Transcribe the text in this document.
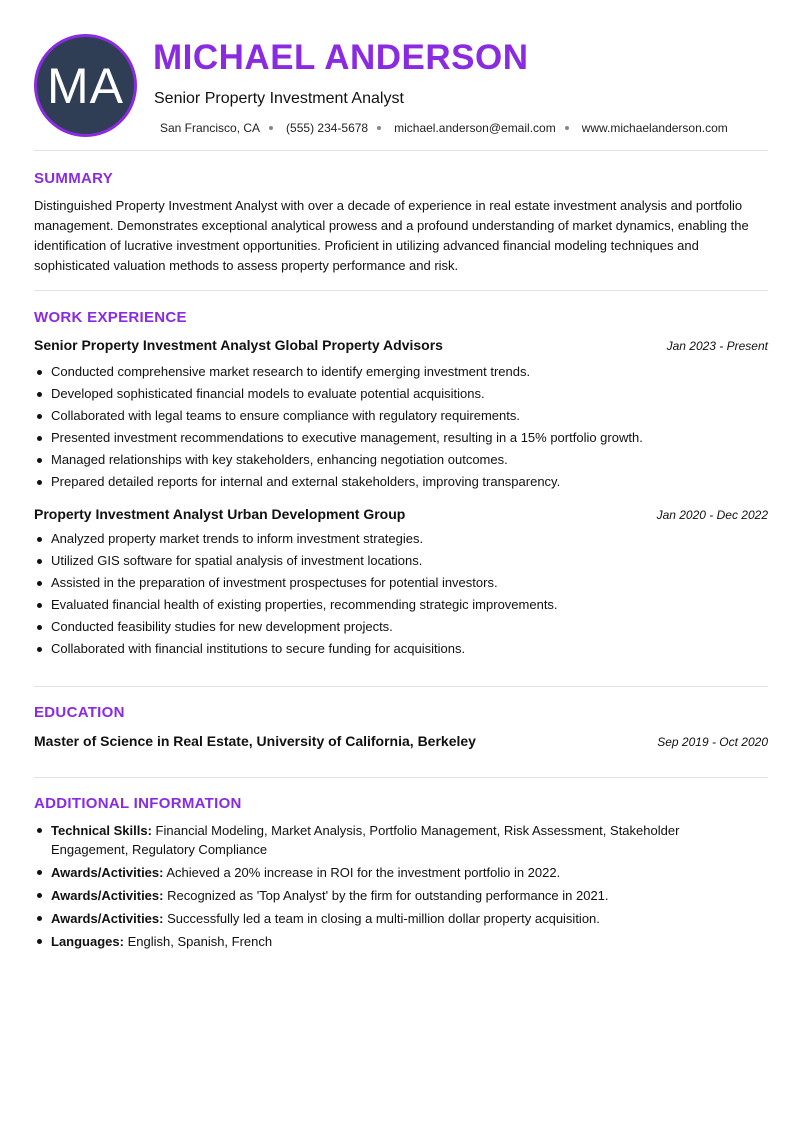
MA MICHAEL ANDERSON
Senior Property Investment Analyst
San Francisco, CA (555) 234-5678 michael.anderson@email.com www.michaelanderson.com
SUMMARY
Distinguished Property Investment Analyst with over a decade of experience in real estate investment analysis and portfolio management. Demonstrates exceptional analytical prowess and a profound understanding of market dynamics, enabling the identification of lucrative investment opportunities. Proficient in utilizing advanced financial modeling techniques and sophisticated valuation methods to assess property performance and risk.
WORK EXPERIENCE
Senior Property Investment Analyst Global Property Advisors	Jan 2023 - Present
Conducted comprehensive market research to identify emerging investment trends.
Developed sophisticated financial models to evaluate potential acquisitions.
Collaborated with legal teams to ensure compliance with regulatory requirements.
Presented investment recommendations to executive management, resulting in a 15% portfolio growth.
Managed relationships with key stakeholders, enhancing negotiation outcomes.
Prepared detailed reports for internal and external stakeholders, improving transparency.
Property Investment Analyst Urban Development Group	Jan 2020 - Dec 2022
Analyzed property market trends to inform investment strategies.
Utilized GIS software for spatial analysis of investment locations.
Assisted in the preparation of investment prospectuses for potential investors.
Evaluated financial health of existing properties, recommending strategic improvements.
Conducted feasibility studies for new development projects.
Collaborated with financial institutions to secure funding for acquisitions.
EDUCATION
Master of Science in Real Estate, University of California, Berkeley	Sep 2019 - Oct 2020
ADDITIONAL INFORMATION
Technical Skills: Financial Modeling, Market Analysis, Portfolio Management, Risk Assessment, Stakeholder Engagement, Regulatory Compliance
Awards/Activities: Achieved a 20% increase in ROI for the investment portfolio in 2022.
Awards/Activities: Recognized as 'Top Analyst' by the firm for outstanding performance in 2021.
Awards/Activities: Successfully led a team in closing a multi-million dollar property acquisition.
Languages: English, Spanish, French
